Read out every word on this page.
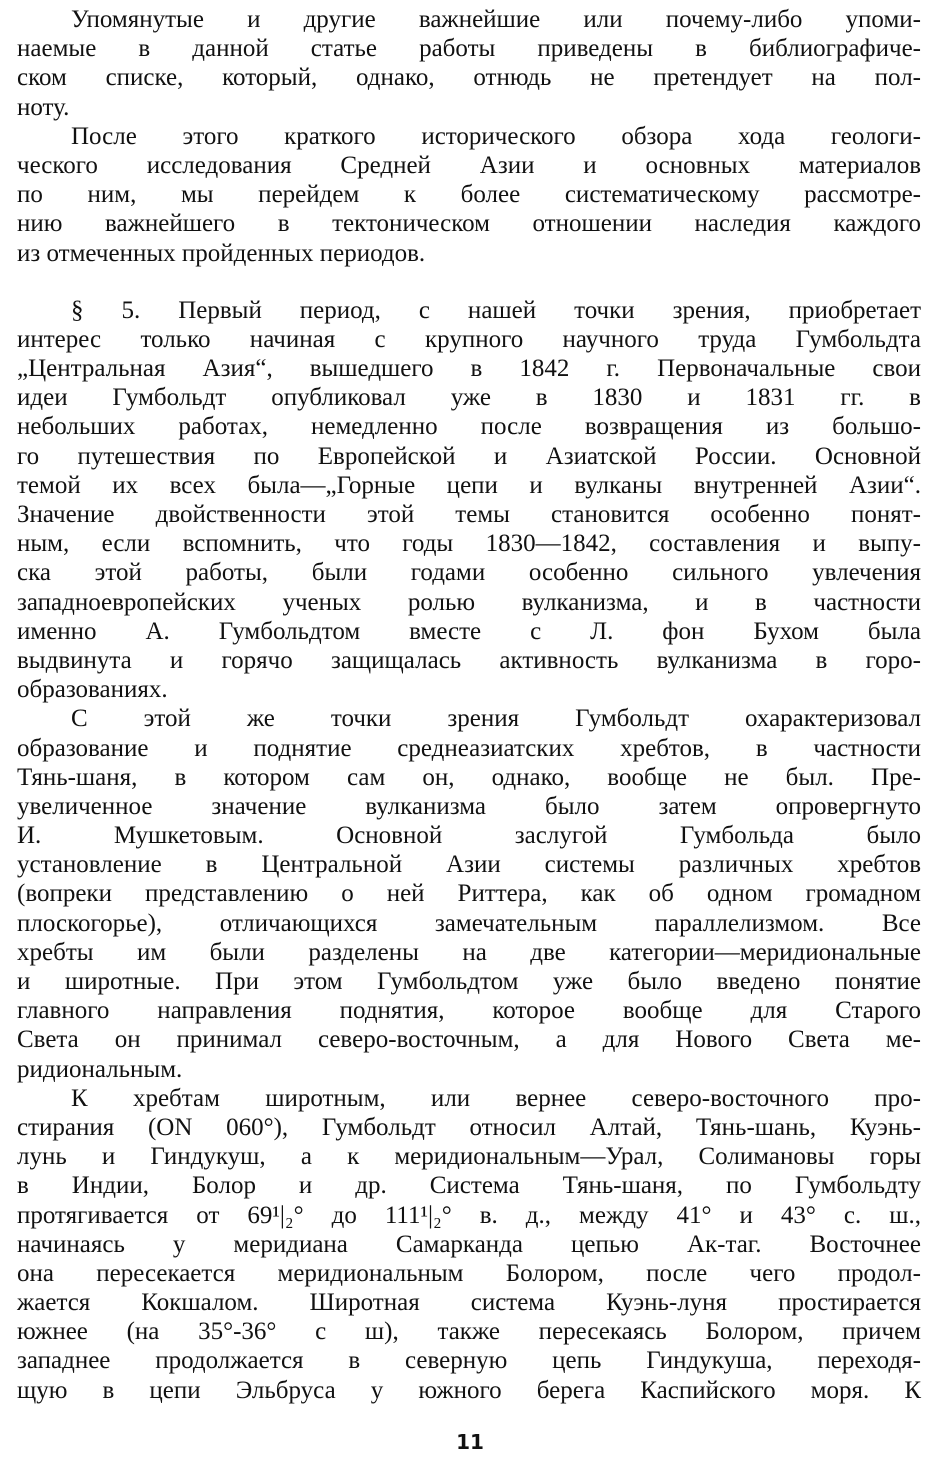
Упомянутые и другие важнейшие или почему-либо упоми-
наемые в данной статье работы приведены в библиографиче-
ском списке, который, однако, отнюдь не претендует на пол-
ноту.
После этого краткого исторического обзора хода геологи-
ческого исследования Средней Азии и основных материалов
по ним, мы перейдем к более систематическому рассмотре-
нию важнейшего в тектоническом отношении наследия каждого
из отмеченных пройденных периодов.
§ 5. Первый период, с нашей точки зрения, приобретает
интерес только начиная с крупного научного труда Гумбольдта
„Центральная Азия“, вышедшего в 1842 г. Первоначальные свои
идеи Гумбольдт опубликовал уже в 1830 и 1831 гг. в
небольших работах, немедленно после возвращения из большо-
го путешествия по Европейской и Азиатской России. Основной
темой их всех была—„Горные цепи и вулканы внутренней Азии“.
Значение двойственности этой темы становится особенно понят-
ным, если вспомнить, что годы 1830—1842, составления и выпу-
ска этой работы, были годами особенно сильного увлечения
западноевропейских ученых ролью вулканизма, и в частности
именно А. Гумбольдтом вместе с Л. фон Бухом была
выдвинута и горячо защищалась активность вулканизма в горо-
образованиях.
С этой же точки зрения Гумбольдт охарактеризовал
образование и поднятие среднеазиатских хребтов, в частности
Тянь-шаня, в котором сам он, однако, вообще не был. Пре-
увеличенное значение вулканизма было затем опровергнуто
И. Мушкетовым. Основной заслугой Гумбольда было
установление в Центральной Азии системы различных хребтов
(вопреки представлению о ней Риттера, как об одном громадном
плоскогорье), отличающихся замечательным параллелизмом. Все
хребты им были разделены на две категории—меридиональные
и широтные. При этом Гумбольдтом уже было введено понятие
главного направления поднятия, которое вообще для Старого
Света он принимал северо-восточным, а для Нового Света ме-
ридиональным.
К хребтам широтным, или вернее северо-восточного про-
стирания (ON 060°), Гумбольдт относил Алтай, Тянь-шань, Куэнь-
лунь и Гиндукуш, а к меридиональным—Урал, Солимановы горы
в Индии, Болор и др. Система Тянь-шаня, по Гумбольдту
протягивается от 69¹|₂° до 111¹|₂° в. д., между 41° и 43° с. ш.,
начинаясь у меридиана Самарканда цепью Ак-таг. Восточнее
она пересекается меридиональным Болором, после чего продол-
жается Кокшалом. Широтная система Куэнь-луня простирается
южнее (на 35°-36° с ш), также пересекаясь Болором, причем
западнее продолжается в северную цепь Гиндукуша, переходя-
щую в цепи Эльбруса у южного берега Каспийского моря. К
11
